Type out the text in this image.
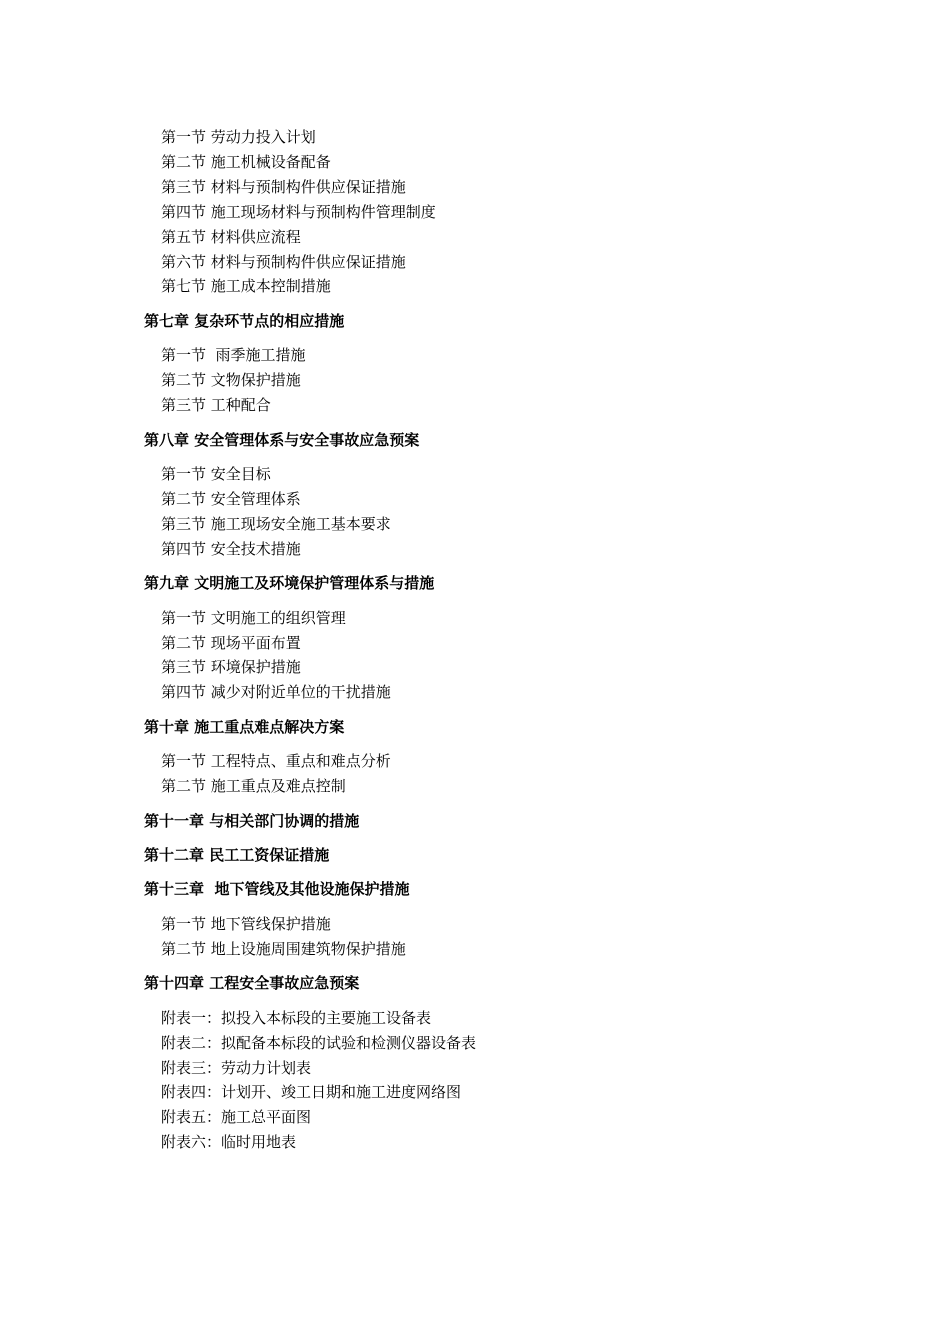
第一节 劳动力投入计划
第二节 施工机械设备配备
第三节 材料与预制构件供应保证措施
第四节 施工现场材料与预制构件管理制度
第五节 材料供应流程
第六节 材料与预制构件供应保证措施
第七节 施工成本控制措施
第七章 复杂环节点的相应措施
第一节  雨季施工措施
第二节 文物保护措施
第三节 工种配合
第八章 安全管理体系与安全事故应急预案
第一节 安全目标
第二节 安全管理体系
第三节 施工现场安全施工基本要求
第四节 安全技术措施
第九章 文明施工及环境保护管理体系与措施
第一节 文明施工的组织管理
第二节 现场平面布置
第三节 环境保护措施
第四节 减少对附近单位的干扰措施
第十章 施工重点难点解决方案
第一节 工程特点、重点和难点分析
第二节 施工重点及难点控制
第十一章 与相关部门协调的措施
第十二章 民工工资保证措施
第十三章  地下管线及其他设施保护措施
第一节 地下管线保护措施
第二节 地上设施周围建筑物保护措施
第十四章 工程安全事故应急预案
附表一：拟投入本标段的主要施工设备表
附表二：拟配备本标段的试验和检测仪器设备表
附表三：劳动力计划表
附表四：计划开、竣工日期和施工进度网络图
附表五：施工总平面图
附表六：临时用地表
